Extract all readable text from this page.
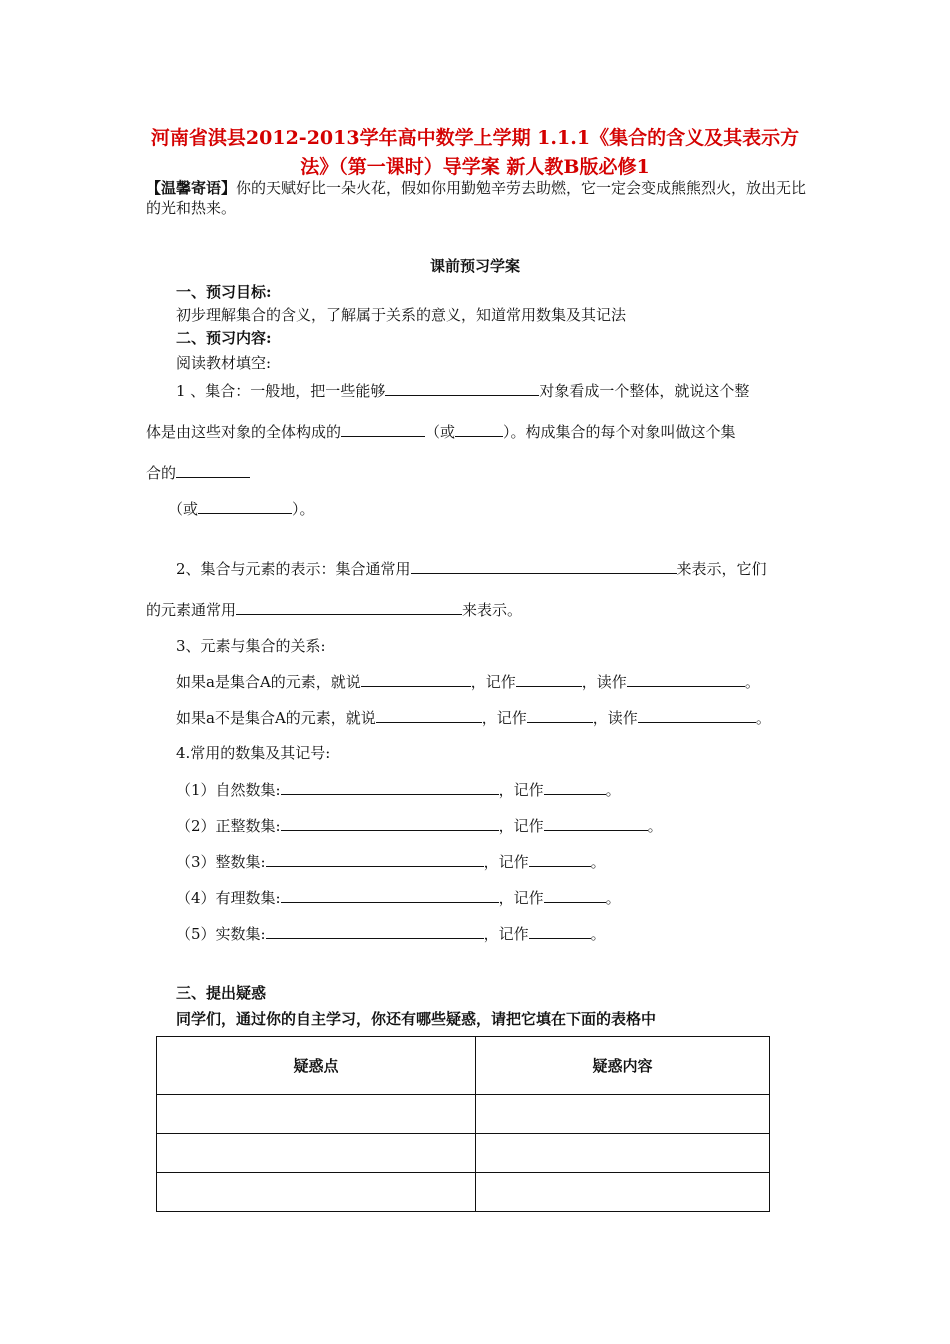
河南省淇县2012-2013学年高中数学上学期 1.1.1《集合的含义及其表示方法》（第一课时）导学案 新人教B版必修1
【温馨寄语】你的天赋好比一朵火花，假如你用勤勉辛劳去助燃，它一定会变成熊熊烈火，放出无比的光和热来。
课前预习学案
一、预习目标:
初步理解集合的含义，了解属于关系的意义，知道常用数集及其记法
二、预习内容:
阅读教材填空:
1 、集合：一般地，把一些能够	对象看成一个整体，就说这个整
体是由这些对象的全体构成的	（或	）。构成集合的每个对象叫做这个集
合的
（或	）。
2、集合与元素的表示：集合通常用	来表示，它们
的元素通常用	来表示。
3、元素与集合的关系:
如果a是集合A的元素，就说	，记作	，读作	。
如果a不是集合A的元素，就说	，记作	，读作	。
4.常用的数集及其记号:
（1）自然数集:	，记作	。
（2）正整数集:	，记作	。
（3）整数集:	，记作	。
（4）有理数集:	，记作	。
（5）实数集:	，记作	。
三、提出疑惑
同学们，通过你的自主学习，你还有哪些疑惑，请把它填在下面的表格中
疑惑点	疑惑内容
